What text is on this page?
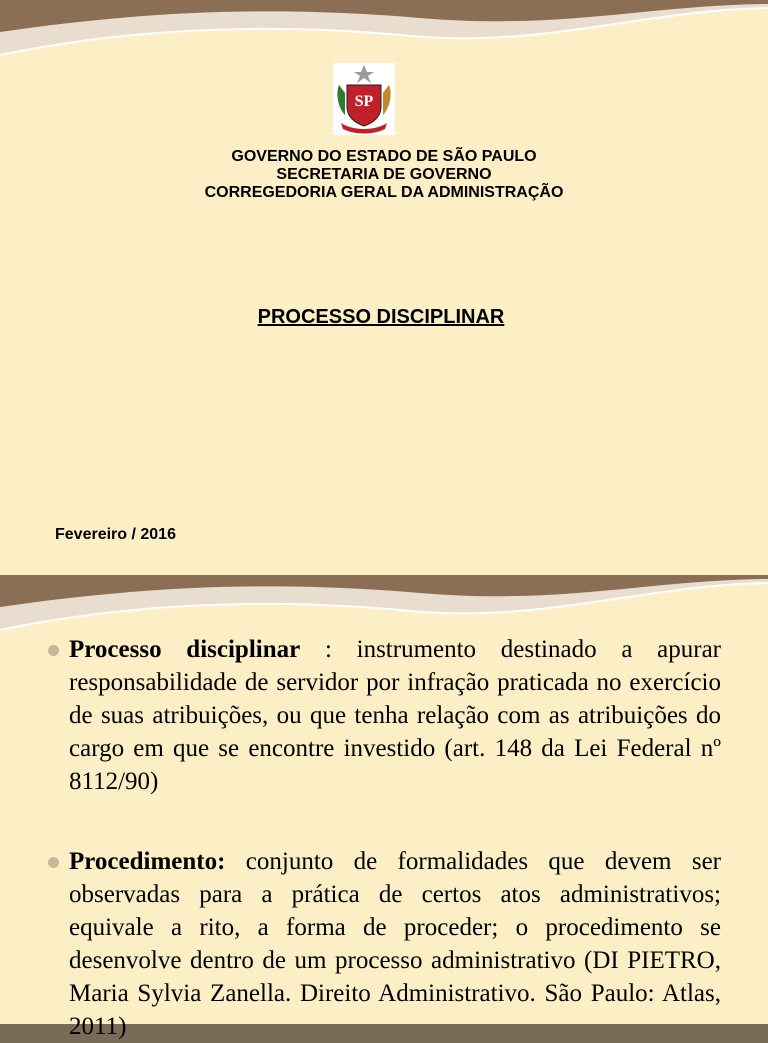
SP
GOVERNO DO ESTADO DE SÃO PAULO
SECRETARIA DE GOVERNO
CORREGEDORIA GERAL DA ADMINISTRAÇÃO
PROCESSO DISCIPLINAR
Fevereiro / 2016
Processo disciplinar : instrumento destinado a apurar responsabilidade de servidor por infração praticada no exercício de suas atribuições, ou que tenha relação com as atribuições do cargo em que se encontre investido (art. 148 da Lei Federal nº 8112/90)
Procedimento: conjunto de formalidades que devem ser observadas para a prática de certos atos administrativos; equivale a rito, a forma de proceder; o procedimento se desenvolve dentro de um processo administrativo (DI PIETRO, Maria Sylvia Zanella. Direito Administrativo. São Paulo: Atlas, 2011)
